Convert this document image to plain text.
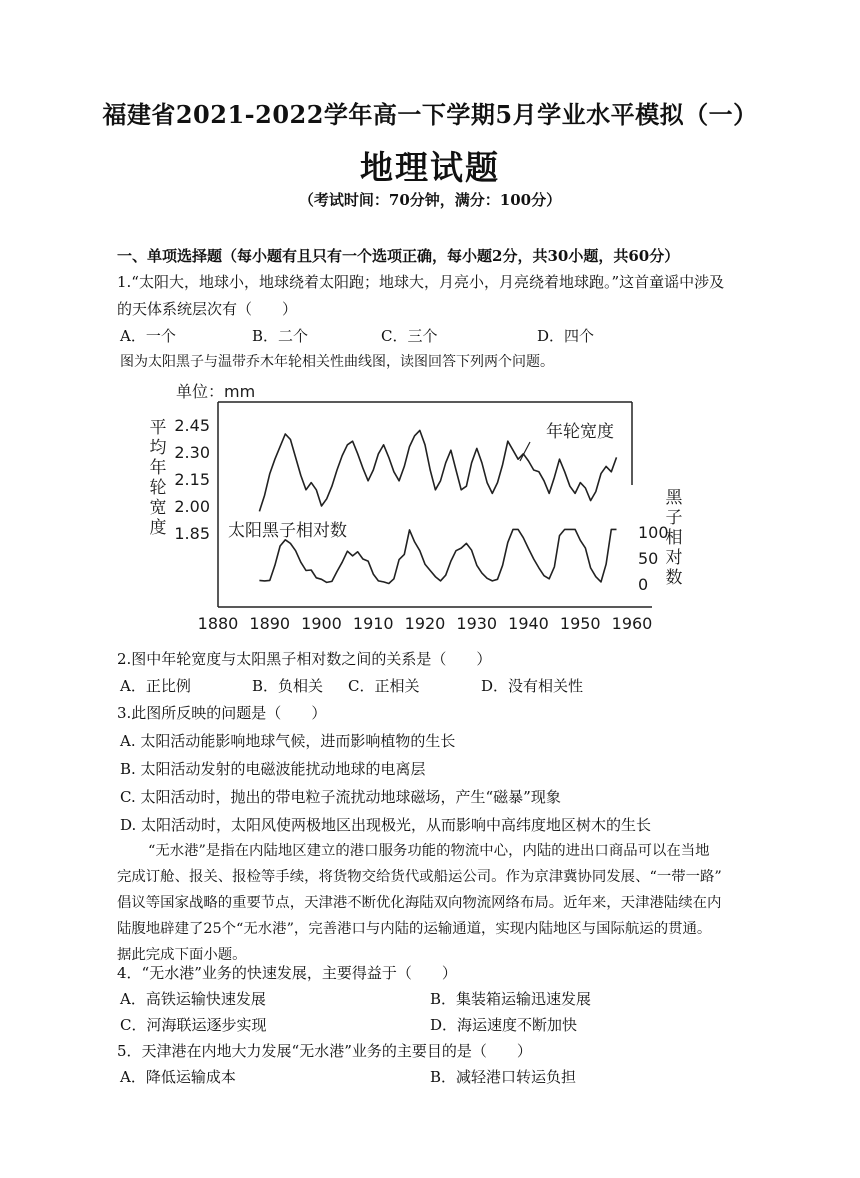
福建省2021-2022学年高一下学期5月学业水平模拟（一）
地理试题
（考试时间：70分钟，满分：100分）
一、单项选择题（每小题有且只有一个选项正确，每小题2分，共30小题，共60分）
1.“太阳大，地球小，地球绕着太阳跑；地球大，月亮小，月亮绕着地球跑。”这首童谣中涉及
的天体系统层次有（　　）
A．一个	B．二个	C．三个	D．四个
图为太阳黑子与温带乔木年轮相关性曲线图，读图回答下列两个问题。
单位：mm
平
均
年
轮
宽
度
2.45
2.30
2.15
2.00
1.85
黑
子
相
对
数
100
50
0
1880 1890 1900 1910 1920 1930 1940 1950 1960
年轮宽度
太阳黑子相对数
2.图中年轮宽度与太阳黑子相对数之间的关系是（　　）
A．正比例	B．负相关 C．正相关	D．没有相关性
3.此图所反映的问题是（　　）
A. 太阳活动能影响地球气候，进而影响植物的生长
B. 太阳活动发射的电磁波能扰动地球的电离层
C. 太阳活动时，抛出的带电粒子流扰动地球磁场，产生“磁暴”现象
D. 太阳活动时，太阳风使两极地区出现极光，从而影响中高纬度地区树木的生长
“无水港”是指在内陆地区建立的港口服务功能的物流中心，内陆的进出口商品可以在当地
完成订舱、报关、报检等手续，将货物交给货代或船运公司。作为京津冀协同发展、“一带一路”
倡议等国家战略的重要节点，天津港不断优化海陆双向物流网络布局。近年来，天津港陆续在内
陆腹地辟建了25个“无水港”，完善港口与内陆的运输通道，实现内陆地区与国际航运的贯通。
据此完成下面小题。
4．“无水港”业务的快速发展，主要得益于（　　）
A．高铁运输快速发展	B．集装箱运输迅速发展
C．河海联运逐步实现	D．海运速度不断加快
5．天津港在内地大力发展“无水港”业务的主要目的是（　　）
A．降低运输成本	B．减轻港口转运负担
